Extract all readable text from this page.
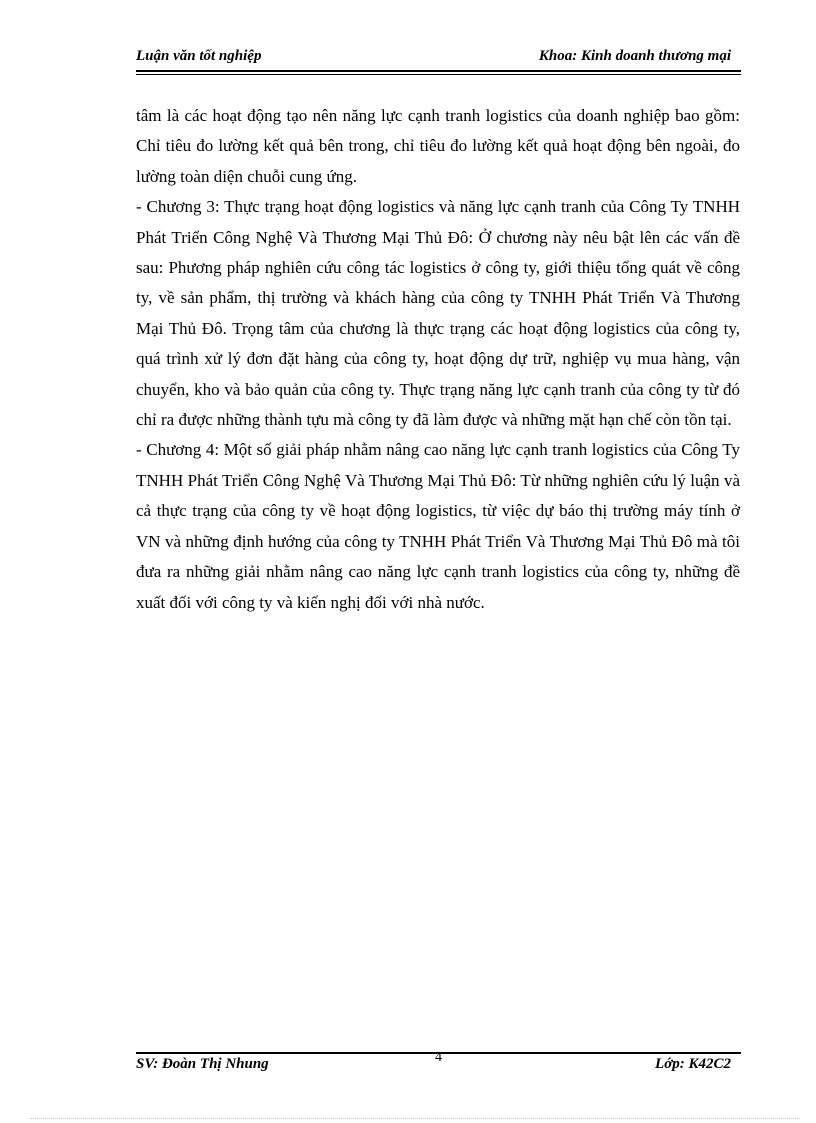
Luận văn tốt nghiệp	Khoa: Kinh doanh thương mại

tâm là các hoạt động tạo nên năng lực cạnh tranh logistics của doanh nghiệp bao gồm: Chỉ tiêu đo lường kết quả bên trong, chỉ tiêu đo lường kết quả hoạt động bên ngoài, đo lường toàn diện chuỗi cung ứng.

- Chương 3: Thực trạng hoạt động logistics và năng lực cạnh tranh của Công Ty TNHH Phát Triển Công Nghệ Và Thương Mại Thủ Đô: Ở chương này nêu bật lên các vấn đề sau: Phương pháp nghiên cứu công tác logistics ở công ty, giới thiệu tổng quát về công ty, về sản phẩm, thị trường và khách hàng của công ty TNHH Phát Triển Và Thương Mại Thủ Đô. Trọng tâm của chương là thực trạng các hoạt động logistics của công ty, quá trình xử lý đơn đặt hàng của công ty, hoạt động dự trữ, nghiệp vụ mua hàng, vận chuyển, kho và bảo quản của công ty. Thực trạng năng lực cạnh tranh của công ty từ đó chỉ ra được những thành tựu mà công ty đã làm được và những mặt hạn chế còn tồn tại.

- Chương 4: Một số giải pháp nhằm nâng cao năng lực cạnh tranh logistics của Công Ty TNHH Phát Triển Công Nghệ Và Thương Mại Thủ Đô: Từ những nghiên cứu lý luận và cả thực trạng của công ty về hoạt động logistics, từ việc dự báo thị trường máy tính ở VN và những định hướng của công ty TNHH Phát Triển Và Thương Mại Thủ Đô mà tôi đưa ra những giải nhằm nâng cao năng lực cạnh tranh logistics của công ty, những đề xuất đối với công ty và kiến nghị đối với nhà nước.

SV: Đoàn Thị Nhung	4	Lớp: K42C2
